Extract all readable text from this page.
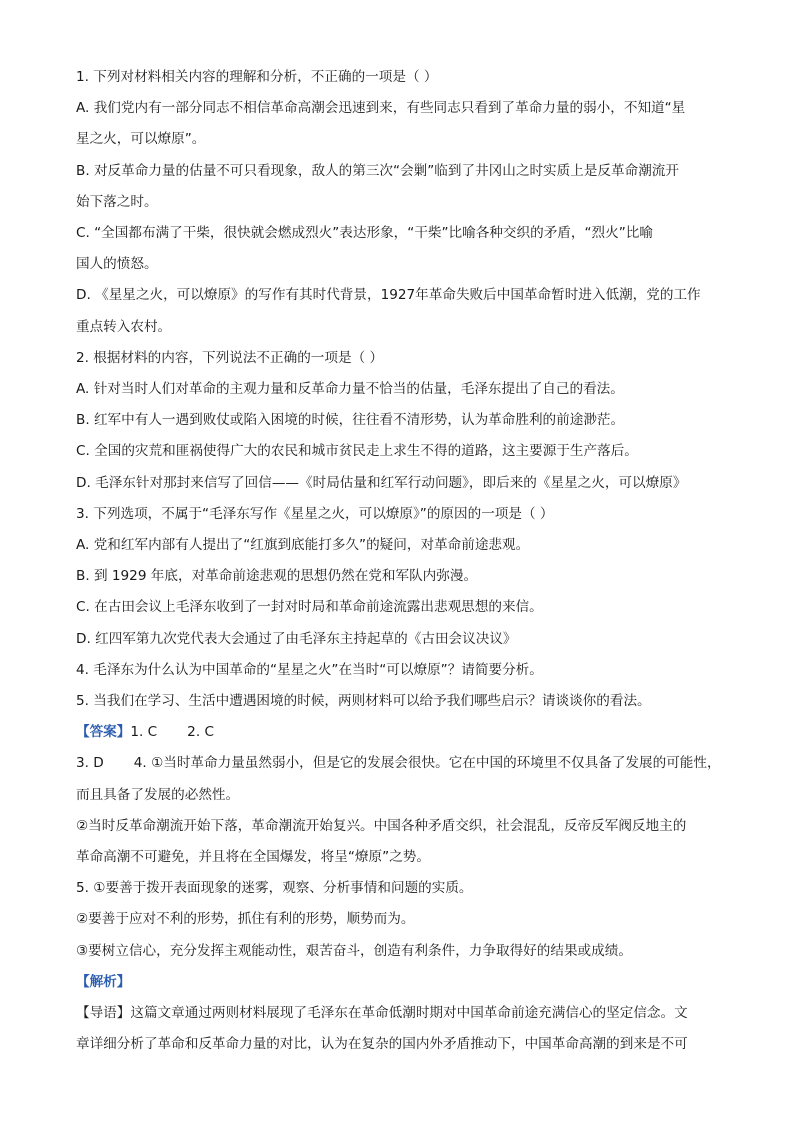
1. 下列对材料相关内容的理解和分析，不正确的一项是（ ）
A. 我们党内有一部分同志不相信革命高潮会迅速到来，有些同志只看到了革命力量的弱小，不知道“星
星之火，可以燎原”。
B. 对反革命力量的估量不可只看现象，敌人的第三次“会剿”临到了井冈山之时实质上是反革命潮流开
始下落之时。
C. “全国都布满了干柴，很快就会燃成烈火”表达形象，“干柴”比喻各种交织的矛盾，“烈火”比喻
国人的愤怒。
D. 《星星之火，可以燎原》的写作有其时代背景，1927年革命失败后中国革命暂时进入低潮，党的工作
重点转入农村。
2. 根据材料的内容，下列说法不正确的一项是（ ）
A. 针对当时人们对革命的主观力量和反革命力量不恰当的估量，毛泽东提出了自己的看法。
B. 红军中有人一遇到败仗或陷入困境的时候，往往看不清形势，认为革命胜利的前途渺茫。
C. 全国的灾荒和匪祸使得广大的农民和城市贫民走上求生不得的道路，这主要源于生产落后。
D. 毛泽东针对那封来信写了回信——《时局估量和红军行动问题》，即后来的《星星之火，可以燎原》
3. 下列选项，不属于“毛泽东写作《星星之火，可以燎原》”的原因的一项是（ ）
A. 党和红军内部有人提出了“红旗到底能打多久”的疑问，对革命前途悲观。
B. 到 1929 年底，对革命前途悲观的思想仍然在党和军队内弥漫。
C. 在古田会议上毛泽东收到了一封对时局和革命前途流露出悲观思想的来信。
D. 红四军第九次党代表大会通过了由毛泽东主持起草的《古田会议决议》
4. 毛泽东为什么认为中国革命的“星星之火”在当时“可以燎原”？请简要分析。
5. 当我们在学习、生活中遭遇困境的时候，两则材料可以给予我们哪些启示？请谈谈你的看法。
【答案】1. C 2. C
3. D 4. ①当时革命力量虽然弱小，但是它的发展会很快。它在中国的环境里不仅具备了发展的可能性，
而且具备了发展的必然性。
②当时反革命潮流开始下落，革命潮流开始复兴。中国各种矛盾交织，社会混乱，反帝反军阀反地主的
革命高潮不可避免，并且将在全国爆发，将呈“燎原”之势。
5. ①要善于拨开表面现象的迷雾，观察、分析事情和问题的实质。
②要善于应对不利的形势，抓住有利的形势，顺势而为。
③要树立信心，充分发挥主观能动性，艰苦奋斗，创造有利条件，力争取得好的结果或成绩。
【解析】
【导语】这篇文章通过两则材料展现了毛泽东在革命低潮时期对中国革命前途充满信心的坚定信念。文
章详细分析了革命和反革命力量的对比，认为在复杂的国内外矛盾推动下，中国革命高潮的到来是不可
